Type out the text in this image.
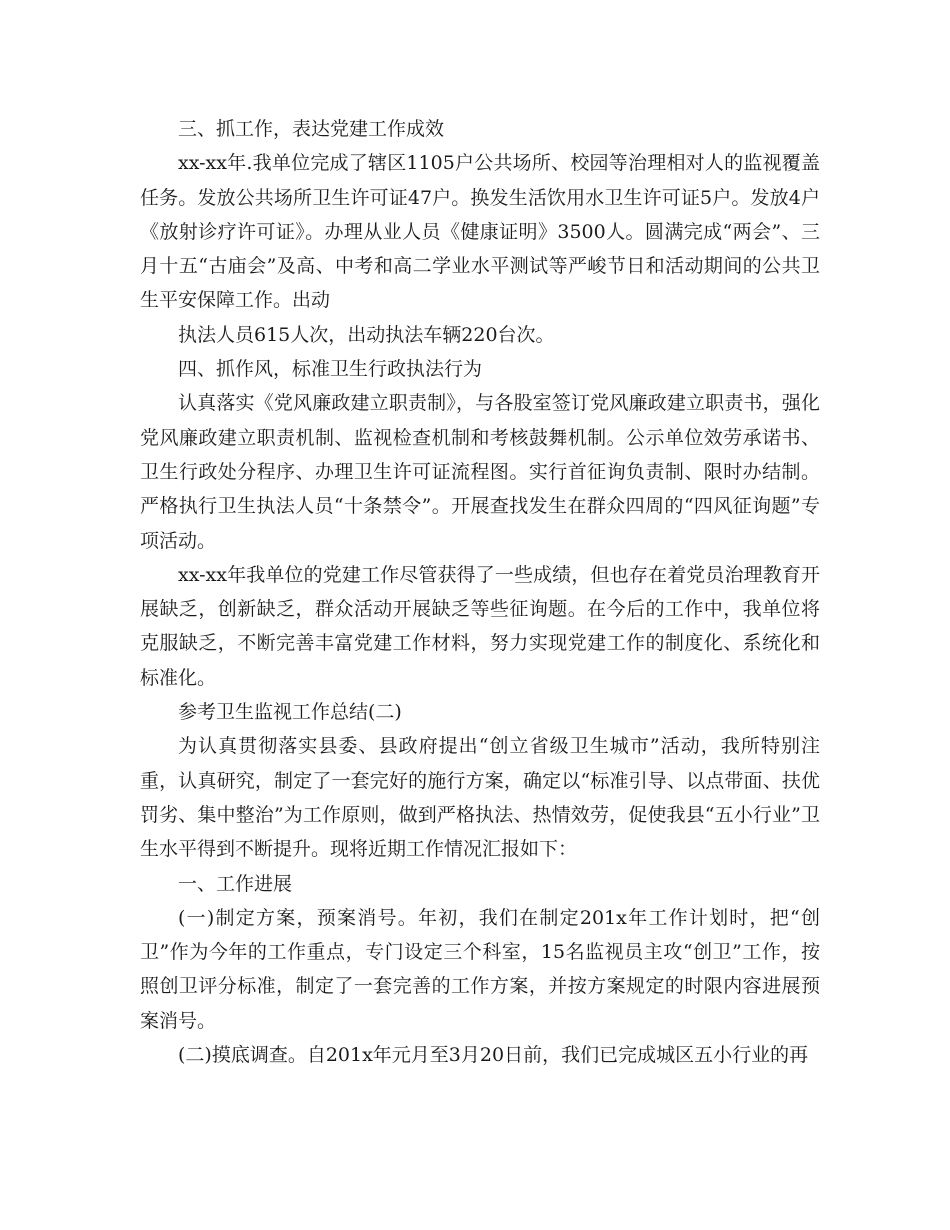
三、抓工作，表达党建工作成效

xx-xx年.我单位完成了辖区1105户公共场所、校园等治理相对人的监视覆盖任务。发放公共场所卫生许可证47户。换发生活饮用水卫生许可证5户。发放4户《放射诊疗许可证》。办理从业人员《健康证明》3500人。圆满完成“两会”、三月十五“古庙会”及高、中考和高二学业水平测试等严峻节日和活动期间的公共卫生平安保障工作。出动

执法人员615人次，出动执法车辆220台次。

四、抓作风，标准卫生行政执法行为

认真落实《党风廉政建立职责制》，与各股室签订党风廉政建立职责书，强化党风廉政建立职责机制、监视检查机制和考核鼓舞机制。公示单位效劳承诺书、卫生行政处分程序、办理卫生许可证流程图。实行首征询负责制、限时办结制。严格执行卫生执法人员“十条禁令”。开展查找发生在群众四周的“四风征询题”专项活动。

xx-xx年我单位的党建工作尽管获得了一些成绩，但也存在着党员治理教育开展缺乏，创新缺乏，群众活动开展缺乏等些征询题。在今后的工作中，我单位将克服缺乏，不断完善丰富党建工作材料，努力实现党建工作的制度化、系统化和标准化。

参考卫生监视工作总结(二)

为认真贯彻落实县委、县政府提出“创立省级卫生城市”活动，我所特别注重，认真研究，制定了一套完好的施行方案，确定以“标准引导、以点带面、扶优罚劣、集中整治”为工作原则，做到严格执法、热情效劳，促使我县“五小行业”卫生水平得到不断提升。现将近期工作情况汇报如下：

一、工作进展

(一)制定方案，预案消号。年初，我们在制定201x年工作计划时，把“创卫”作为今年的工作重点，专门设定三个科室，15名监视员主攻“创卫”工作，按照创卫评分标准，制定了一套完善的工作方案，并按方案规定的时限内容进展预案消号。

(二)摸底调查。自201x年元月至3月20日前，我们已完成城区五小行业的再
